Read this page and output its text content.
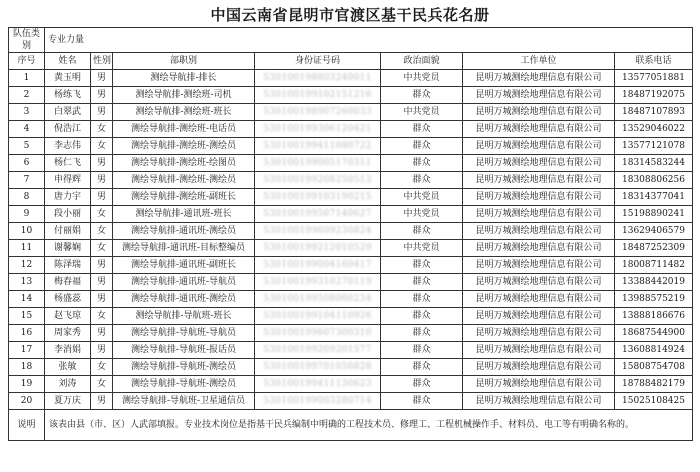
中国云南省昆明市官渡区基干民兵花名册
队伍类别	专业力量						
序号	姓名	性别	部职别	身份证号码	政治面貌	工作单位	联系电话
1	黄玉明	男	测绘导航排-排长	530100198803240011	中共党员	昆明万城测绘地理信息有限公司	13577051881
2	杨练飞	男	测绘导航排-测绘班-司机	530100199102151216	群众	昆明万城测绘地理信息有限公司	18487192075
3	白翠武	男	测绘导航排-测绘班-班长	530100198907260033	中共党员	昆明万城测绘地理信息有限公司	18487107893
4	倪浩江	女	测绘导航排-测绘班-电话员	530100199306120421	群众	昆明万城测绘地理信息有限公司	13529046022
5	李志伟	女	测绘导航排-测绘班-测绘员	530100199411080722	群众	昆明万城测绘地理信息有限公司	13577121078
6	杨仁飞	男	测绘导航排-测绘班-绘图员	530100199005170311	群众	昆明万城测绘地理信息有限公司	18314583244
7	申得辉	男	测绘导航排-测绘班-测绘员	530100199208250513	群众	昆明万城测绘地理信息有限公司	18308806256
8	唐力宇	男	测绘导航排-测绘班-副班长	530100199103190215	中共党员	昆明万城测绘地理信息有限公司	18314377041
9	段小丽	女	测绘导航排-通讯班-班长	530100199507140627	中共党员	昆明万城测绘地理信息有限公司	15198890241
10	付丽娟	女	测绘导航排-通讯班-测绘员	530100199609230824	群众	昆明万城测绘地理信息有限公司	13629406579
11	谢馨娴	女	测绘导航排-通讯班-目标整编员	530100199212010529	中共党员	昆明万城测绘地理信息有限公司	18487252309
12	陈泽瑞	男	测绘导航排-通讯班-副班长	530100199004160417	群众	昆明万城测绘地理信息有限公司	18008711482
13	梅春福	男	测绘导航排-通讯班-导航员	530100199310270119	群众	昆明万城测绘地理信息有限公司	13388442019
14	杨盛蕊	男	测绘导航排-通讯班-测绘员	530100199508060234	群众	昆明万城测绘地理信息有限公司	13988575219
15	赵飞琼	女	测绘导航排-导航班-班长	530100199104110926	群众	昆明万城测绘地理信息有限公司	13888186676
16	周家秀	男	测绘导航排-导航班-导航员	530100199607300310	群众	昆明万城测绘地理信息有限公司	18687544900
17	李消娟	男	测绘导航排-导航班-报话员	530100199209201577	群众	昆明万城测绘地理信息有限公司	13608814924
18	张敏	女	测绘导航排-导航班-测绘员	530100199701050828	群众	昆明万城测绘地理信息有限公司	15808754708
19	刘涛	女	测绘导航排-导航班-测绘员	530100199411130623	群众	昆明万城测绘地理信息有限公司	18788482179
20	夏万庆	男	测绘导航排-导航班-卫星通信员	530100199003280714	群众	昆明万城测绘地理信息有限公司	15025108425
说明	该表由县（市、区）人武部填报。专业技术岗位是指基干民兵编制中明确的工程技术员、修理工、工程机械操作手、材料员、电工等有明确名称的。						
